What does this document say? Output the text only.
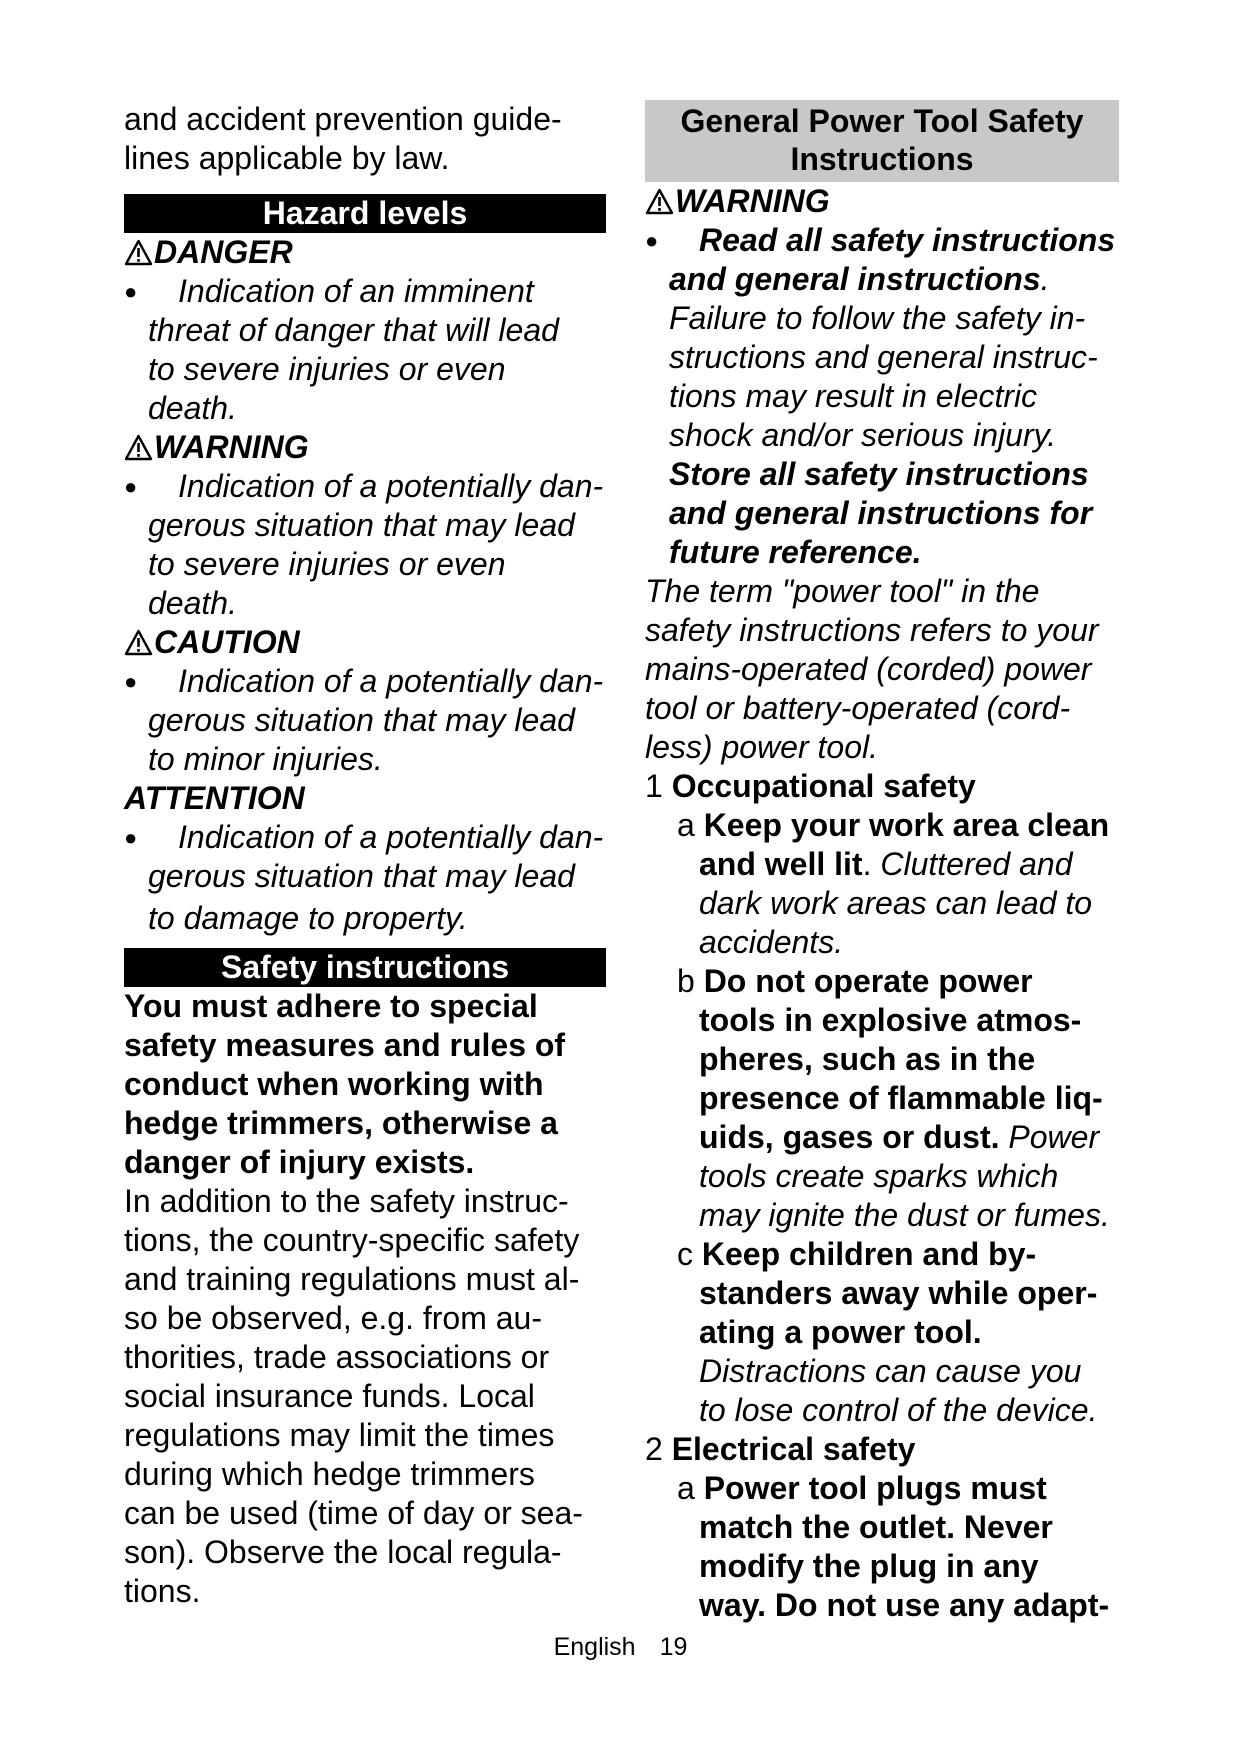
and accident prevention guide-
lines applicable by law.
Hazard levels
DANGER
● Indication of an imminent
threat of danger that will lead
to severe injuries or even
death.
WARNING
● Indication of a potentially dan-
gerous situation that may lead
to severe injuries or even
death.
CAUTION
● Indication of a potentially dan-
gerous situation that may lead
to minor injuries.
ATTENTION
● Indication of a potentially dan-
gerous situation that may lead
to damage to property.
Safety instructions
You must adhere to special
safety measures and rules of
conduct when working with
hedge trimmers, otherwise a
danger of injury exists.
In addition to the safety instruc-
tions, the country-specific safety
and training regulations must al-
so be observed, e.g. from au-
thorities, trade associations or
social insurance funds. Local
regulations may limit the times
during which hedge trimmers
can be used (time of day or sea-
son). Observe the local regula-
tions.
General Power Tool Safety
Instructions
WARNING
● Read all safety instructions
and general instructions.
Failure to follow the safety in-
structions and general instruc-
tions may result in electric
shock and/or serious injury.
Store all safety instructions
and general instructions for
future reference.
The term "power tool" in the
safety instructions refers to your
mains-operated (corded) power
tool or battery-operated (cord-
less) power tool.
1 Occupational safety
a Keep your work area clean
and well lit. Cluttered and
dark work areas can lead to
accidents.
b Do not operate power
tools in explosive atmos-
pheres, such as in the
presence of flammable liq-
uids, gases or dust. Power
tools create sparks which
may ignite the dust or fumes.
c Keep children and by-
standers away while oper-
ating a power tool.
Distractions can cause you
to lose control of the device.
2 Electrical safety
a Power tool plugs must
match the outlet. Never
modify the plug in any
way. Do not use any adapt-
English 19
